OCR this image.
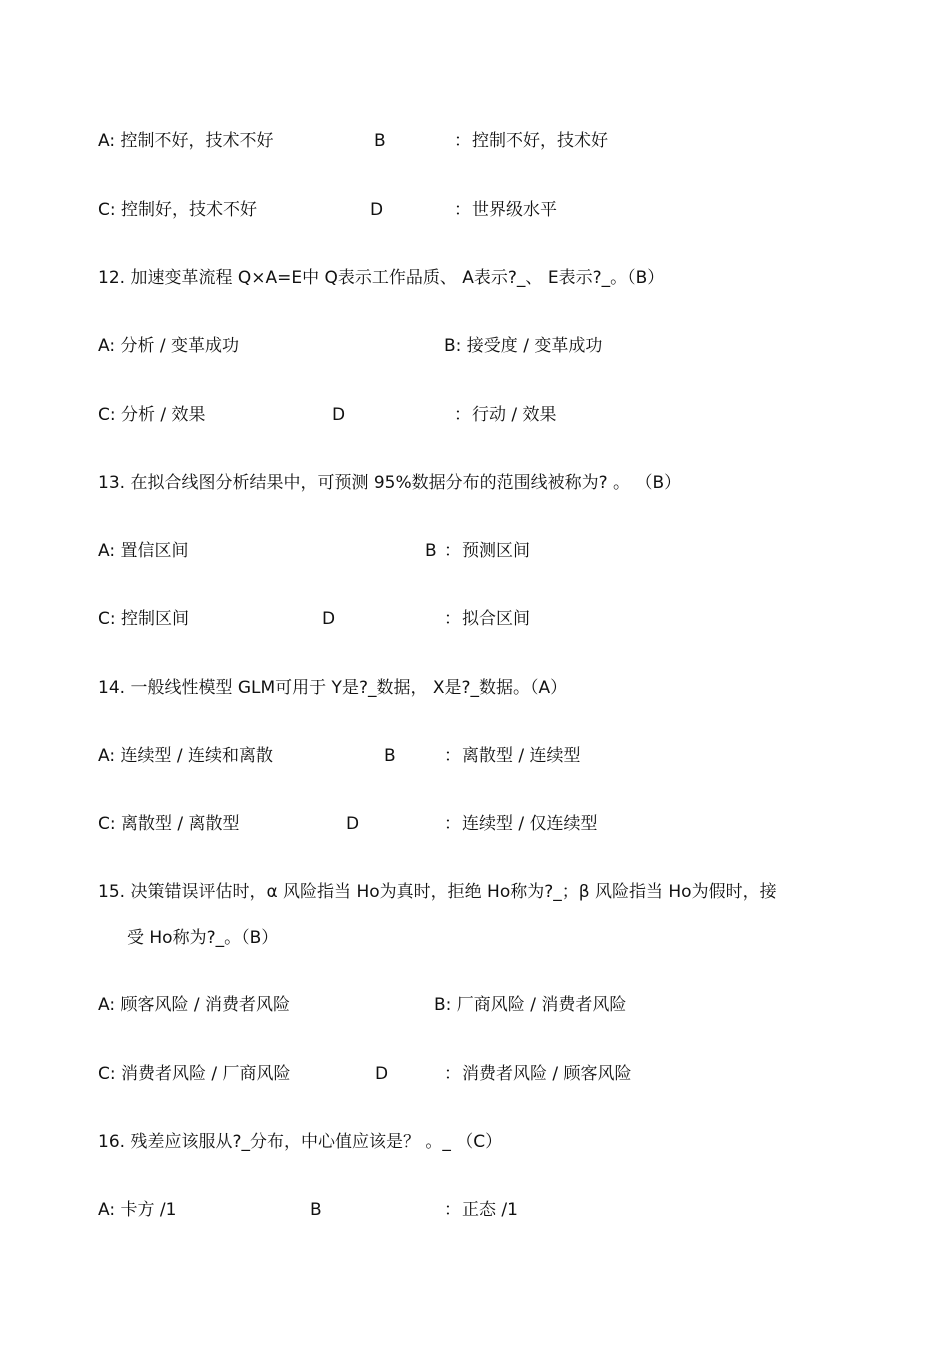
A: 控制不好，技术不好	B	： 控制不好，技术好
C: 控制好，技术不好	D	： 世界级水平
12. 加速变革流程 Q×A=E中 Q表示工作品质、 A表示?_、 E表示?_。（B）
A: 分析 / 变革成功	B: 接受度 / 变革成功
C: 分析 / 效果	D	： 行动 / 效果
13. 在拟合线图分析结果中，可预测 95%数据分布的范围线被称为? 。 （B）
A: 置信区间	B ： 预测区间
C: 控制区间	D	： 拟合区间
14. 一般线性模型 GLM可用于 Y是?_数据， X是?_数据。（A）
A: 连续型 / 连续和离散	B	： 离散型 / 连续型
C: 离散型 / 离散型	D	： 连续型 / 仅连续型
15. 决策错误评估时，α 风险指当 Ho为真时，拒绝 Ho称为?_；β 风险指当 Ho为假时，接
受 Ho称为?_。（B）
A: 顾客风险 / 消费者风险	B: 厂商风险 / 消费者风险
C: 消费者风险 / 厂商风险	D	： 消费者风险 / 顾客风险
16. 残差应该服从?_分布，中心值应该是？ 。_ （C）
A: 卡方 /1	B	： 正态 /1
